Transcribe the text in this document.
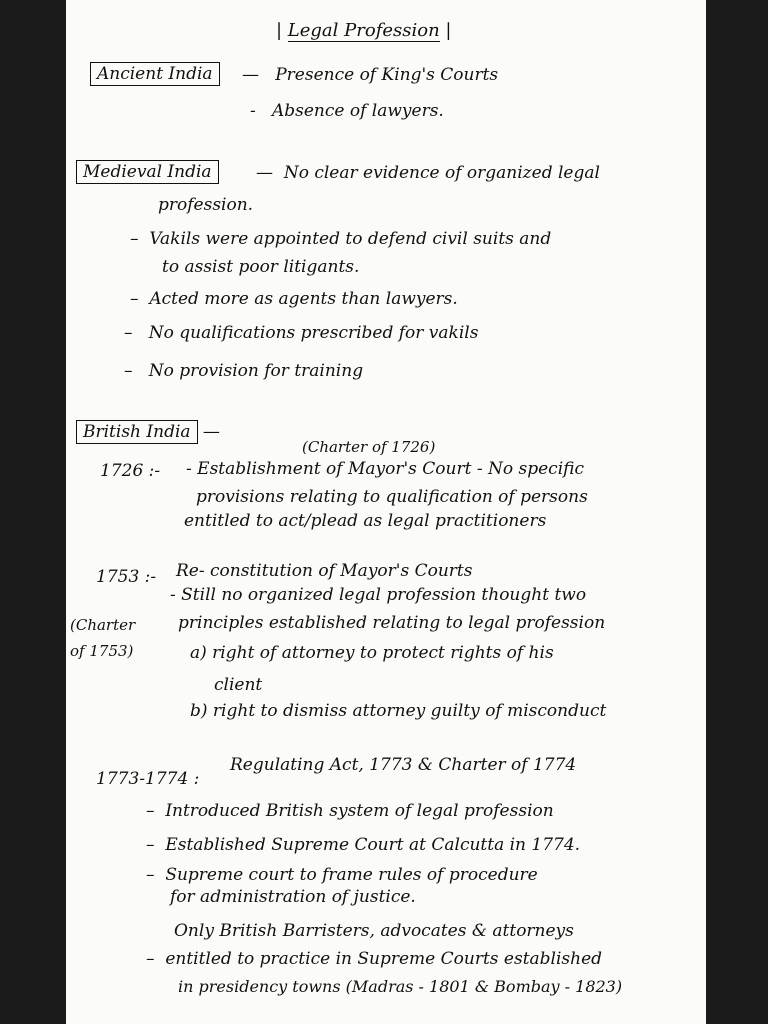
| Legal Profession |
Ancient India	—   Presence of King's Courts
-   Absence of lawyers.
Medieval India	—  No clear evidence of organized legal
profession.
–  Vakils were appointed to defend civil suits and
to assist poor litigants.
–  Acted more as agents than lawyers.
–   No qualifications prescribed for vakils
–   No provision for training
British India —
(Charter of 1726)
1726 :- - Establishment of Mayor's Court - No specific
provisions relating to qualification of persons
entitled to act/plead as legal practitioners
1753 :-
(Charter
of 1753)
Re- constitution of Mayor's Courts
- Still no organized legal profession thought two
principles established relating to legal profession
a) right of attorney to protect rights of his
client
b) right to dismiss attorney guilty of misconduct
1773-1774 :
Regulating Act, 1773 & Charter of 1774
–  Introduced British system of legal profession
–  Established Supreme Court at Calcutta in 1774.
–  Supreme court to frame rules of procedure
for administration of justice.
Only British Barristers, advocates & attorneys
–  entitled to practice in Supreme Courts established
in presidency towns (Madras - 1801 & Bombay - 1823)
